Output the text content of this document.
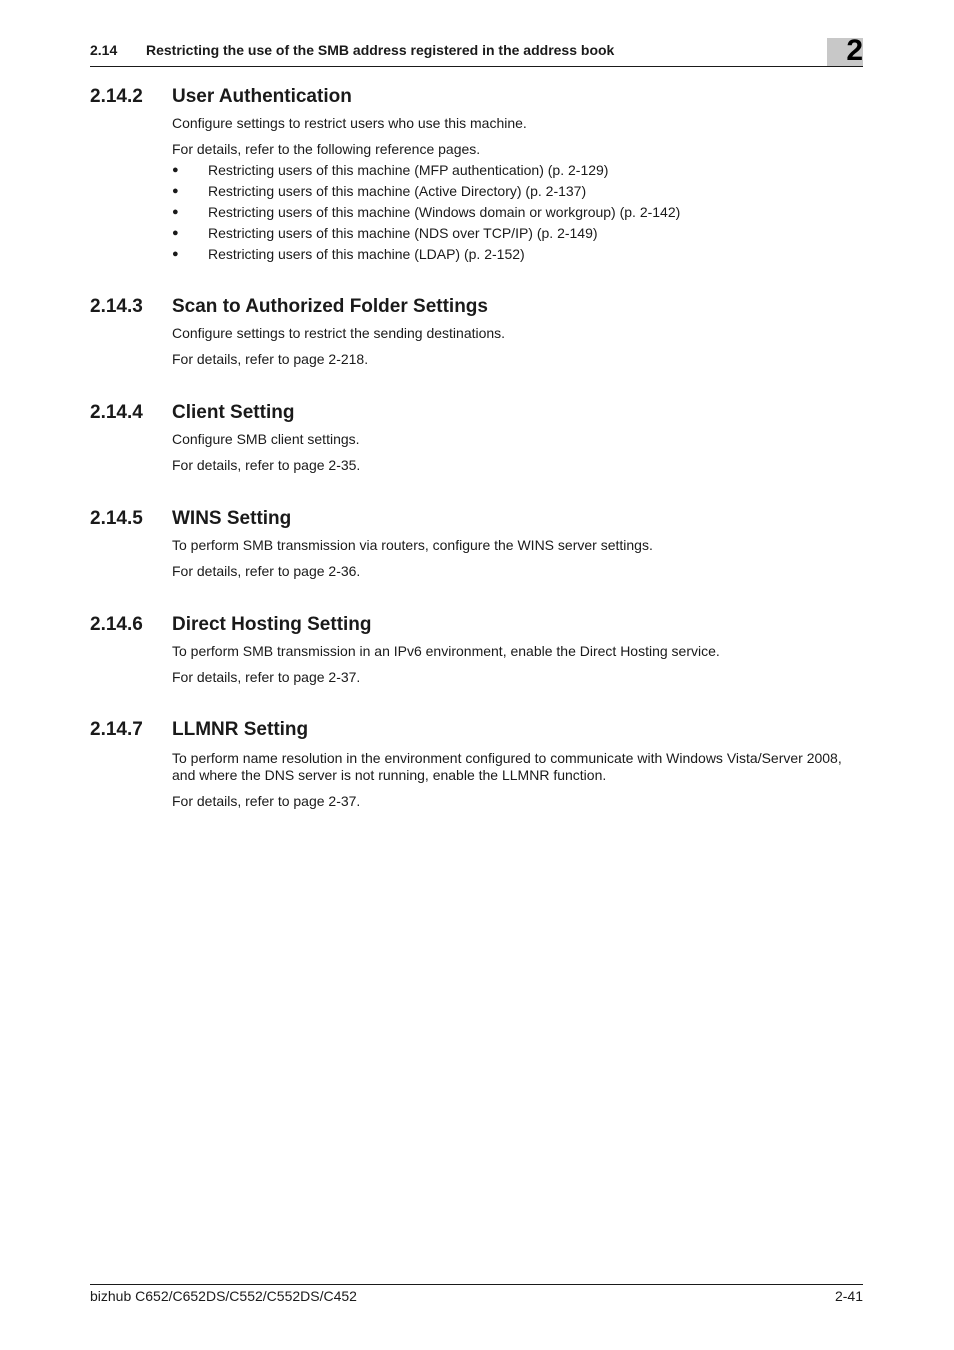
2.14 Restricting the use of the SMB address registered in the address book	2
2.14.2 User Authentication

Configure settings to restrict users who use this machine.

For details, refer to the following reference pages.

● Restricting users of this machine (MFP authentication) (p. 2-129)
● Restricting users of this machine (Active Directory) (p. 2-137)
● Restricting users of this machine (Windows domain or workgroup) (p. 2-142)
● Restricting users of this machine (NDS over TCP/IP) (p. 2-149)
● Restricting users of this machine (LDAP) (p. 2-152)
2.14.3 Scan to Authorized Folder Settings

Configure settings to restrict the sending destinations.

For details, refer to page 2-218.

2.14.4 Client Setting

Configure SMB client settings.

For details, refer to page 2-35.

2.14.5 WINS Setting

To perform SMB transmission via routers, configure the WINS server settings.

For details, refer to page 2-36.

2.14.6 Direct Hosting Setting

To perform SMB transmission in an IPv6 environment, enable the Direct Hosting service.

For details, refer to page 2-37.

2.14.7 LLMNR Setting

To perform name resolution in the environment configured to communicate with Windows Vista/Server 2008, and where the DNS server is not running, enable the LLMNR function.

For details, refer to page 2-37.

bizhub C652/C652DS/C552/C552DS/C452	2-41
